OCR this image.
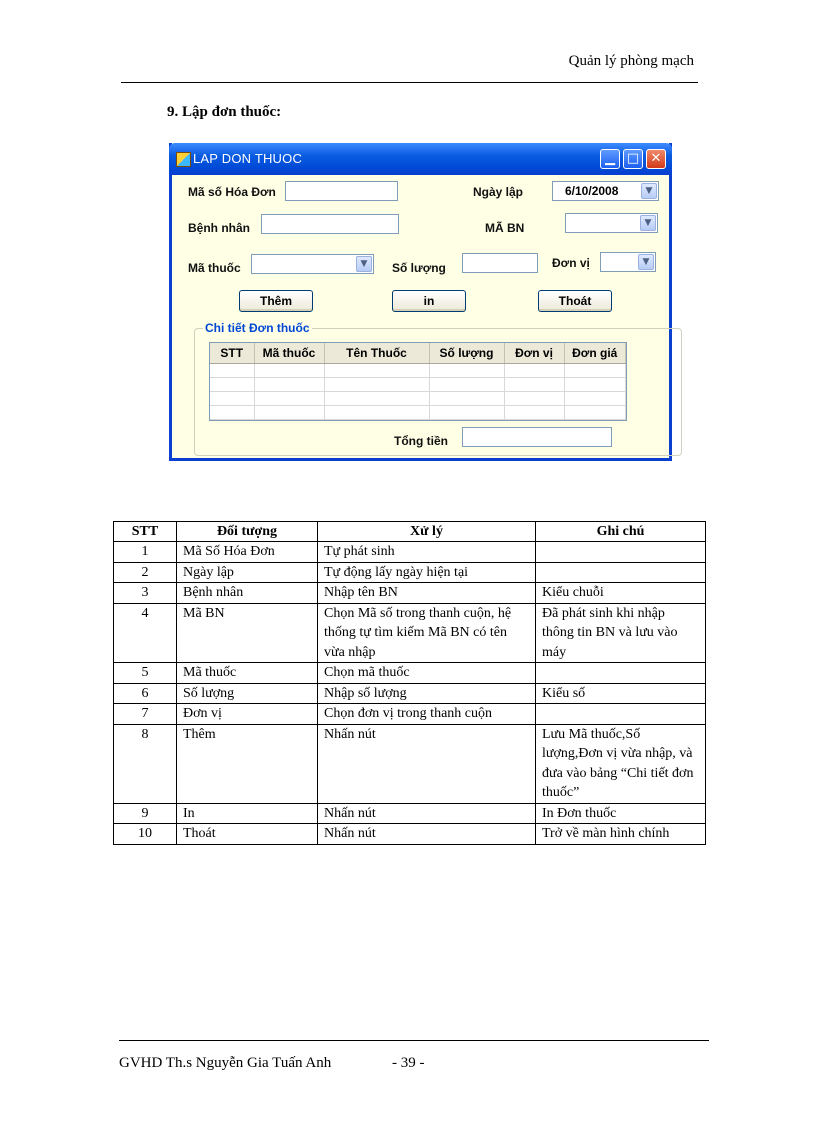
Quản lý phòng mạch
9. Lập đơn thuốc:
LAP DON THUOC	▁ □ ✕
Mã số Hóa Đơn	Ngày lập	6/10/2008	▼
Bệnh nhân	MÃ BN	▼
Mã thuốc	▼	Số lượng	Đơn vị	▼
Thêm	in	Thoát
Chi tiết Đơn thuốc
STT	Mã thuốc	Tên Thuốc	Số lượng	Đơn vị	Đơn giá

Tổng tiền
STT	Đối tượng	Xử lý	Ghi chú
1	Mã Số Hóa Đơn	Tự phát sinh	
2	Ngày lập	Tự động lấy ngày hiện tại	
3	Bệnh nhân	Nhập tên BN	Kiểu chuỗi
4	Mã BN	Chọn Mã số trong thanh cuộn, hệ thống tự tìm kiếm Mã BN có tên vừa nhập	Đã phát sinh khi nhập thông tin BN và lưu vào máy
5	Mã thuốc	Chọn mã thuốc	
6	Số lượng	Nhập số lượng	Kiểu số
7	Đơn vị	Chọn đơn vị trong thanh cuộn	
8	Thêm	Nhấn nút	Lưu Mã thuốc,Số lượng,Đơn vị vừa nhập, và đưa vào bảng “Chi tiết đơn thuốc”
9	In	Nhấn nút	In Đơn thuốc
10	Thoát	Nhấn nút	Trở về màn hình chính
GVHD Th.s Nguyễn Gia Tuấn Anh	- 39 -
